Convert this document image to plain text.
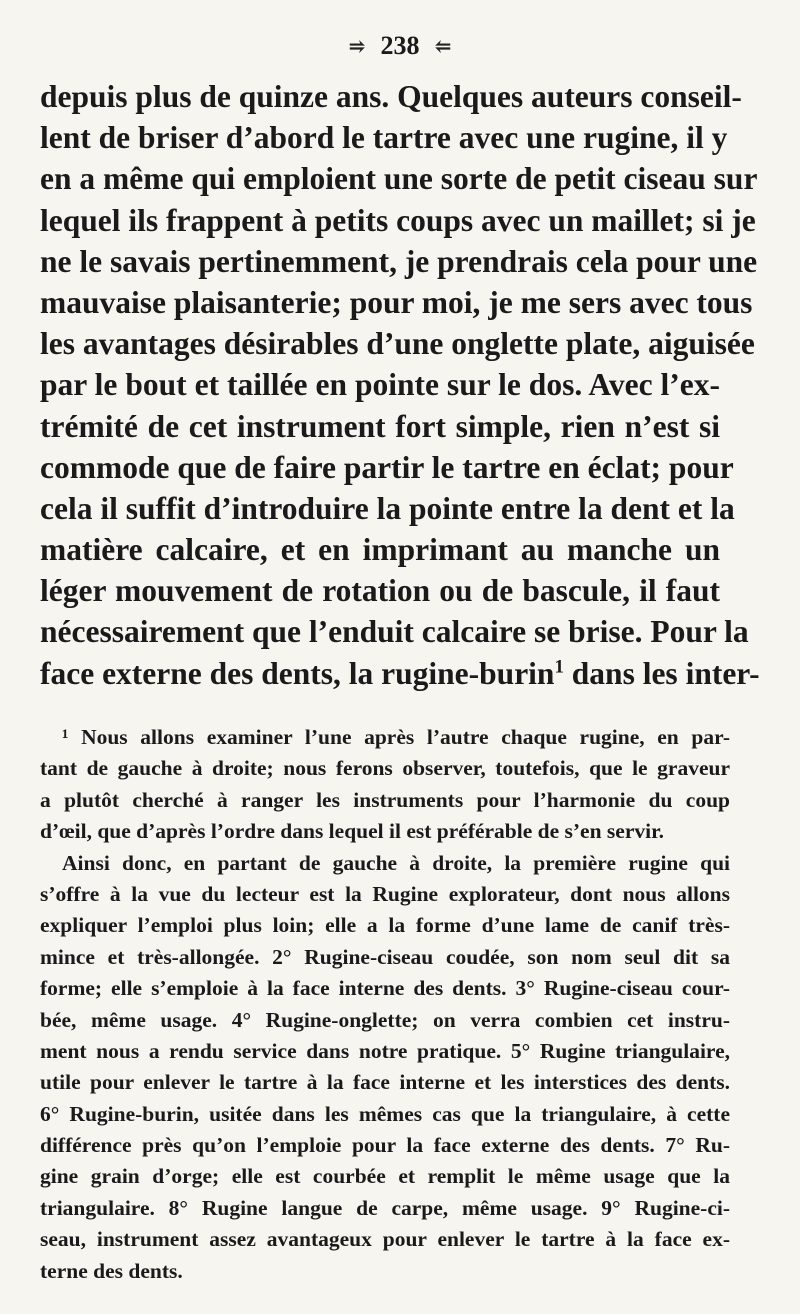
⥤ 238 ⥢
depuis plus de quinze ans. Quelques auteurs conseil-
lent de briser d’abord le tartre avec une rugine, il y
en a même qui emploient une sorte de petit ciseau sur
lequel ils frappent à petits coups avec un maillet; si je
ne le savais pertinemment, je prendrais cela pour une
mauvaise plaisanterie; pour moi, je me sers avec tous
les avantages désirables d’une onglette plate, aiguisée
par le bout et taillée en pointe sur le dos. Avec l’ex-
trémité de cet instrument fort simple, rien n’est si
commode que de faire partir le tartre en éclat; pour
cela il suffit d’introduire la pointe entre la dent et la
matière calcaire, et en imprimant au manche un
léger mouvement de rotation ou de bascule, il faut
nécessairement que l’enduit calcaire se brise. Pour la
face externe des dents, la rugine-burin$^1$ dans les inter-
¹ Nous allons examiner l’une après l’autre chaque rugine, en par-
tant de gauche à droite; nous ferons observer, toutefois, que le graveur
a plutôt cherché à ranger les instruments pour l’harmonie du coup
d’œil, que d’après l’ordre dans lequel il est préférable de s’en servir.
Ainsi donc, en partant de gauche à droite, la première rugine qui
s’offre à la vue du lecteur est la Rugine explorateur, dont nous allons
expliquer l’emploi plus loin; elle a la forme d’une lame de canif très-
mince et très-allongée. 2° Rugine-ciseau coudée, son nom seul dit sa
forme; elle s’emploie à la face interne des dents. 3° Rugine-ciseau cour-
bée, même usage. 4° Rugine-onglette; on verra combien cet instru-
ment nous a rendu service dans notre pratique. 5° Rugine triangulaire,
utile pour enlever le tartre à la face interne et les interstices des dents.
6° Rugine-burin, usitée dans les mêmes cas que la triangulaire, à cette
différence près qu’on l’emploie pour la face externe des dents. 7° Ru-
gine grain d’orge; elle est courbée et remplit le même usage que la
triangulaire. 8° Rugine langue de carpe, même usage. 9° Rugine-ci-
seau, instrument assez avantageux pour enlever le tartre à la face ex-
terne des dents.
